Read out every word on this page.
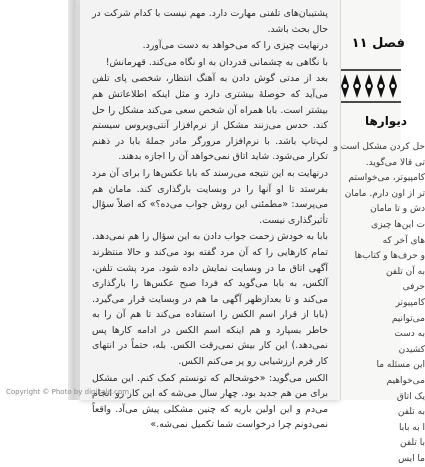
پشتیبان‌های تلفنی مهارت دارد. مهم نیست با کدام شرکت در حال بحث باشد.

درنهایت چیزی را که می‌خواهد به دست می‌آورد.

با نگاهی به چشمانی قدردان به او نگاه می‌کند. قهرمانش!

بعد از مدتی گوش دادن به آهنگ انتظار، شخصی پای تلفن می‌آید که حوصلهٔ بیشتری دارد و مثل اینکه اطلاعاتش هم بیشتر است. بابا همراه آن شخص سعی می‌کند مشکل را حل کند. حدس می‌زنند مشکل از نرم‌افزار آنتی‌ویروس سیستم لپ‌تاپ باشد. با نرم‌افزار مرورگر مادر جملهٔ بابا در ذهنم تکرار می‌شود. شاید اتاق نمی‌خواهد آن را اجازه بدهند.

درنهایت به این نتیجه می‌رسند که بابا عکس‌ها را برای آن مرد بفرستد تا او آنها را در وبسایت بارگذاری کند. مامان هم می‌پرسد: «مطمئنی این روش جواب می‌ده؟» که اصلاً سؤال تأثیرگذاری نیست.

بابا به خودش زحمت جواب دادن به این سؤال را هم نمی‌دهد. تمام کارهایی را که آن مرد گفته بود می‌کند و حالا منتظرند آگهی اتاق ما در وبسایت نمایش داده شود. مرد پشت تلفن، آلکس، به بابا می‌گوید که فردا صبح عکس‌ها را بارگذاری می‌کند و تا بعدازظهر آگهی ما هم در وبسایت قرار می‌گیرد. (بابا از قرار اسم الکس را استفاده می‌کند تا هم آن را به خاطر بسپارد و هم اینکه اسم الکس در ادامه کارها پس نمی‌دهد.) این کار بیش نمی‌رقت الکس. بله، حتماً در انتهای کار فرم ارزشیابی رو پر می‌کنم الکس.

الکس می‌گوید: «خوشحالم که تونستم کمک کنم. این مشکل برای من هم جدید بود. چهار سال می‌شه که این کار رو انجام می‌دم و این اولین باریه که چنین مشکلی پیش می‌آد. واقعاً نمی‌دونم چرا درخواست شما تکمیل نمی‌شه.»

فصل ۱۱
دیوارها
حل کردن مشکل است و
تی قالا می‌گوید.
کامپیوتر، می‌خواستم
تر از اون دارم. مامان
دش و تا مامان
ت این‌ها چیزی
های آخر که
و حرف‌ها و کتاب‌ها
به آن تلفن
حرفی
کامپیوتر
می‌توانیم
به دست
کشیدن
این مسئله ما
می‌خواهیم
یک اتاق
به تلفن
ا به بابا
با تلفن
ما ایس
Copyright © Photo by digikala.com
